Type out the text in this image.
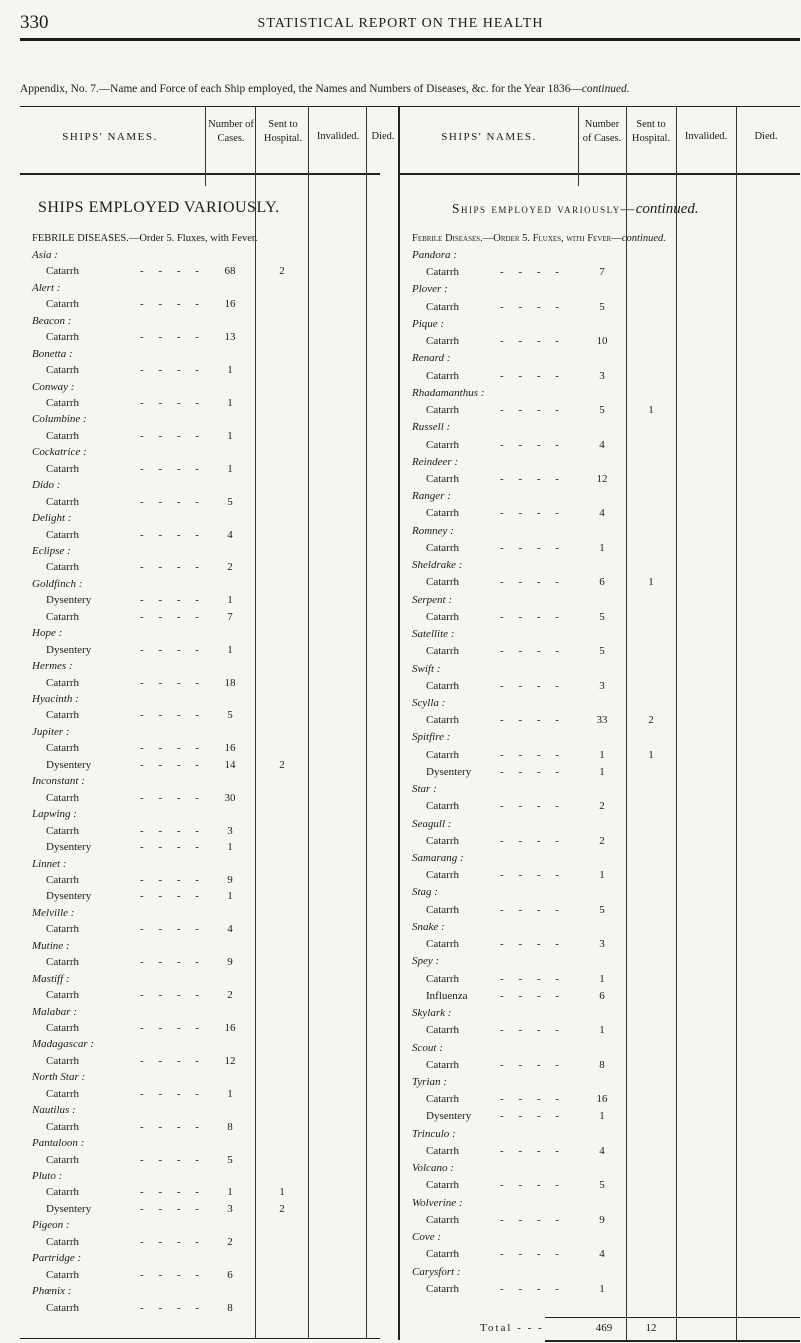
330	STATISTICAL REPORT ON THE HEALTH
Appendix, No. 7.—Name and Force of each Ship employed, the Names and Numbers of Diseases, &c. for the Year 1836—continued.
SHIPS' NAMES.
Number of Cases.
Sent to Hospital.	Invalided.	Died.	SHIPS' NAMES.
Number of Cases.
Sent to Hospital.	Invalided.	Died.
SHIPS EMPLOYED VARIOUSLY.
FEBRILE DISEASES.—Order 5. Fluxes, with Fever.
Ships employed variously—continued.
Febrile Diseases.—Order 5. Fluxes, with Fever—continued.
Asia :
Catarrh	- - - -	68	2
Alert :
Catarrh	- - - -	16
Beacon :
Catarrh	- - - -	13
Bonetta :
Catarrh	- - - -	1
Conway :
Catarrh	- - - -	1
Columbine :
Catarrh	- - - -	1
Cockatrice :
Catarrh	- - - -	1
Dido :
Catarrh	- - - -	5
Delight :
Catarrh	- - - -	4
Eclipse :
Catarrh	- - - -	2
Goldfinch :
Dysentery	- - - -	1
Catarrh	- - - -	7
Hope :
Dysentery	- - - -	1
Hermes :
Catarrh	- - - -	18
Hyacinth :
Catarrh	- - - -	5
Jupiter :
Catarrh	- - - -	16
Dysentery	- - - -	14	2
Inconstant :
Catarrh	- - - -	30
Lapwing :
Catarrh	- - - -	3
Dysentery	- - - -	1
Linnet :
Catarrh	- - - -	9
Dysentery	- - - -	1
Melville :
Catarrh	- - - -	4
Mutine :
Catarrh	- - - -	9
Mastiff :
Catarrh	- - - -	2
Malabar :
Catarrh	- - - -	16
Madagascar :
Catarrh	- - - -	12
North Star :
Catarrh	- - - -	1
Nautilus :
Catarrh	- - - -	8
Pantaloon :
Catarrh	- - - -	5
Pluto :
Catarrh	- - - -	1	1
Dysentery	- - - -	3	2
Pigeon :
Catarrh	- - - -	2
Partridge :
Catarrh	- - - -	6
Phœnix :
Catarrh	- - - -	8
Pandora :
Catarrh	- - - -	7
Plover :
Catarrh	- - - -	5
Pique :
Catarrh	- - - -	10
Renard :
Catarrh	- - - -	3
Rhadamanthus :
Catarrh	- - - -	5	1
Russell :
Catarrh	- - - -	4
Reindeer :
Catarrh	- - - -	12
Ranger :
Catarrh	- - - -	4
Romney :
Catarrh	- - - -	1
Sheldrake :
Catarrh	- - - -	6	1
Serpent :
Catarrh	- - - -	5
Satellite :
Catarrh	- - - -	5
Swift :
Catarrh	- - - -	3
Scylla :
Catarrh	- - - -	33	2
Spitfire :
Catarrh	- - - -	1	1
Dysentery	- - - -	1
Star :
Catarrh	- - - -	2
Seagull :
Catarrh	- - - -	2
Samarang :
Catarrh	- - - -	1
Stag :
Catarrh	- - - -	5
Snake :
Catarrh	- - - -	3
Spey :
Catarrh	- - - -	1
Influenza	- - - -	6
Skylark :
Catarrh	- - - -	1
Scout :
Catarrh	- - - -	8
Tyrian :
Catarrh	- - - -	16
Dysentery	- - - -	1
Trinculo :
Catarrh	- - - -	4
Volcano :
Catarrh	- - - -	5
Wolverine :
Catarrh	- - - -	9
Cove :
Catarrh	- - - -	4
Carysfort :
Catarrh	- - - -	1
Total - - -	469	12
